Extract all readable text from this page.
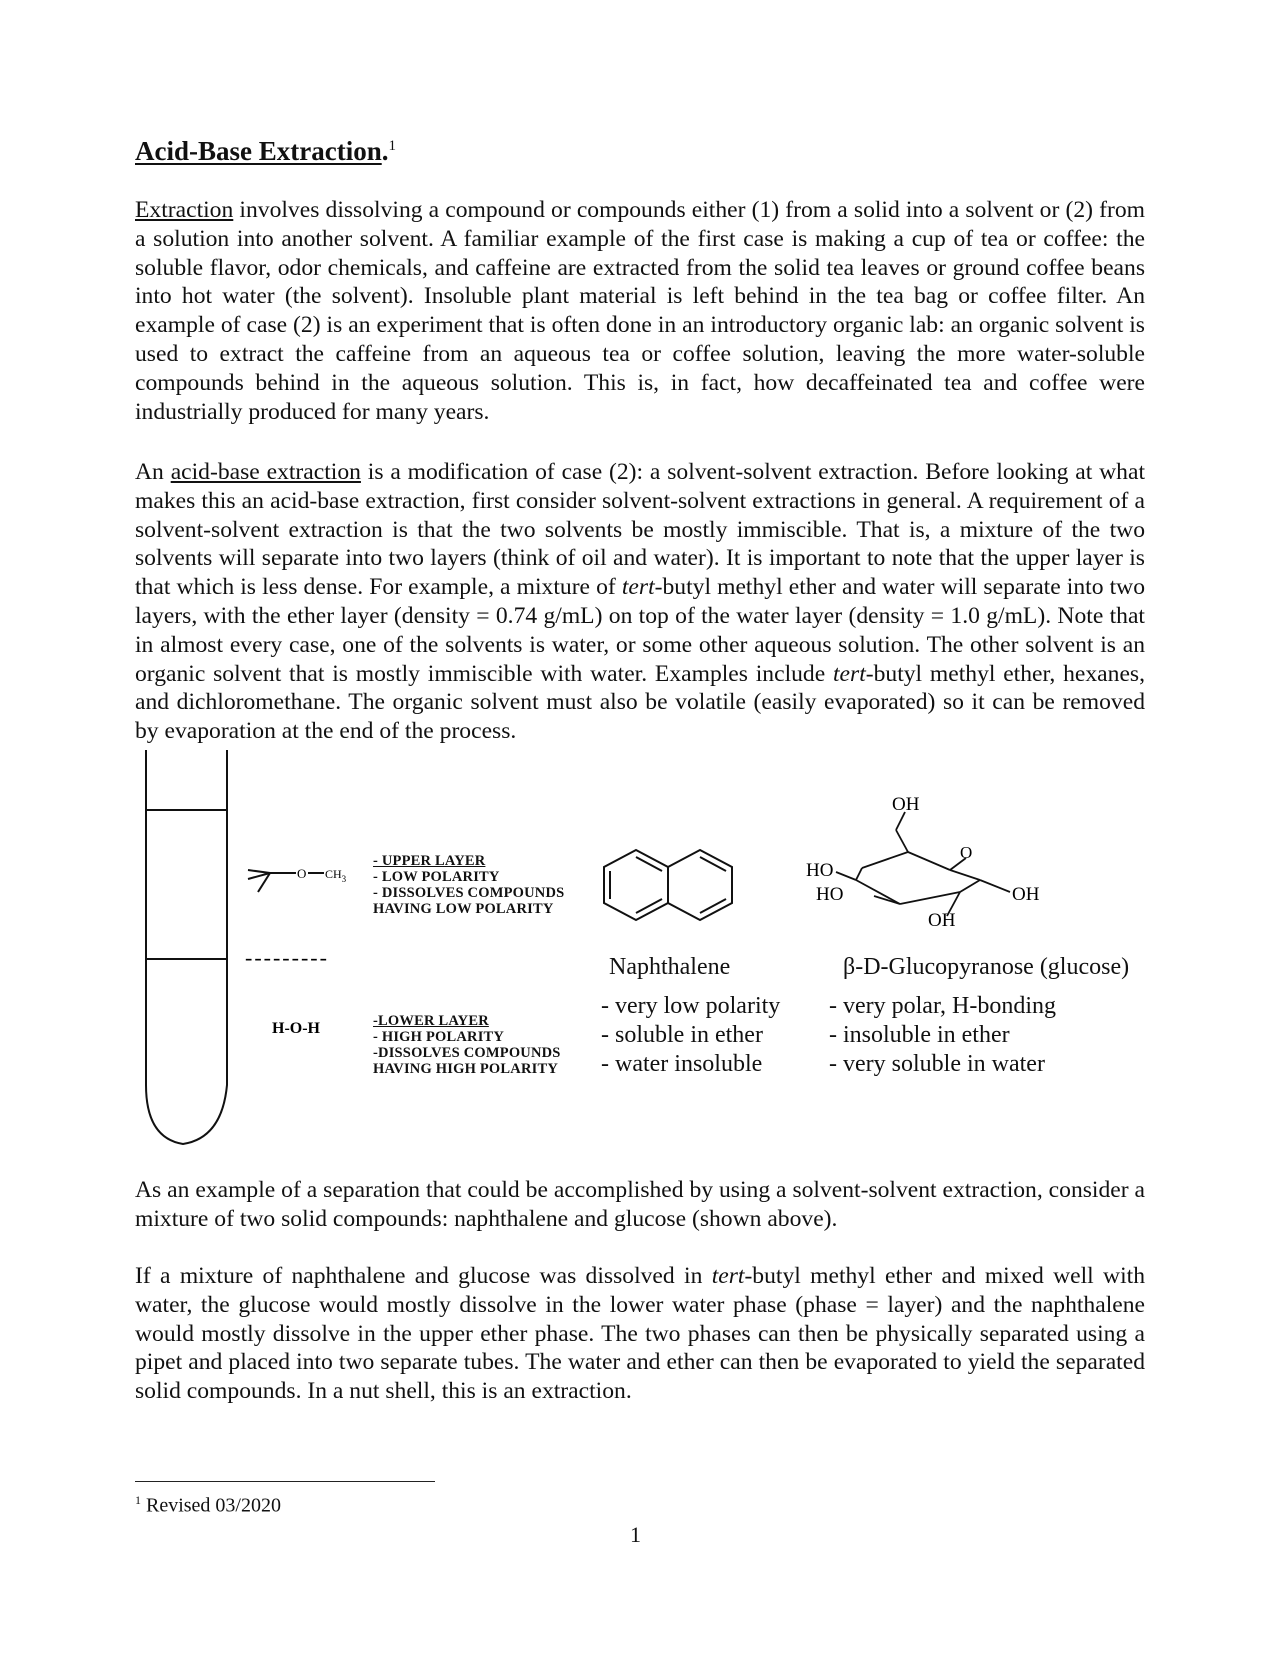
Acid-Base Extraction.$^1$
Extraction involves dissolving a compound or compounds either (1) from a solid into a solvent or (2) from a solution into another solvent. A familiar example of the first case is making a cup of tea or coffee: the soluble flavor, odor chemicals, and caffeine are extracted from the solid tea leaves or ground coffee beans into hot water (the solvent). Insoluble plant material is left behind in the tea bag or coffee filter. An example of case (2) is an experiment that is often done in an introductory organic lab: an organic solvent is used to extract the caffeine from an aqueous tea or coffee solution, leaving the more water-soluble compounds behind in the aqueous solution. This is, in fact, how decaffeinated tea and coffee were industrially produced for many years.
An acid-base extraction is a modification of case (2): a solvent-solvent extraction. Before looking at what makes this an acid-base extraction, first consider solvent-solvent extractions in general. A requirement of a solvent-solvent extraction is that the two solvents be mostly immiscible. That is, a mixture of the two solvents will separate into two layers (think of oil and water). It is important to note that the upper layer is that which is less dense. For example, a mixture of tert-butyl methyl ether and water will separate into two layers, with the ether layer (density = 0.74 g/mL) on top of the water layer (density = 1.0 g/mL). Note that in almost every case, one of the solvents is water, or some other aqueous solution. The other solvent is an organic solvent that is mostly immiscible with water. Examples include tert-butyl methyl ether, hexanes, and dichloromethane. The organic solvent must also be volatile (easily evaporated) so it can be removed by evaporation at the end of the process.
O $CH_3$
---------
H-O-H
- UPPER LAYER
- LOW POLARITY
- DISSOLVES COMPOUNDS
HAVING LOW POLARITY
-LOWER LAYER
- HIGH POLARITY
-DISSOLVES COMPOUNDS
HAVING HIGH POLARITY
OH
O
HO
HO	OH
OH
Naphthalene	β-D-Glucopyranose (glucose)
- very low polarity
- soluble in ether
- water insoluble
- very polar, H-bonding
- insoluble in ether
- very soluble in water
As an example of a separation that could be accomplished by using a solvent-solvent extraction, consider a mixture of two solid compounds: naphthalene and glucose (shown above).
If a mixture of naphthalene and glucose was dissolved in tert-butyl methyl ether and mixed well with water, the glucose would mostly dissolve in the lower water phase (phase = layer) and the naphthalene would mostly dissolve in the upper ether phase. The two phases can then be physically separated using a pipet and placed into two separate tubes. The water and ether can then be evaporated to yield the separated solid compounds. In a nut shell, this is an extraction.
$^1$ Revised 03/2020
1
